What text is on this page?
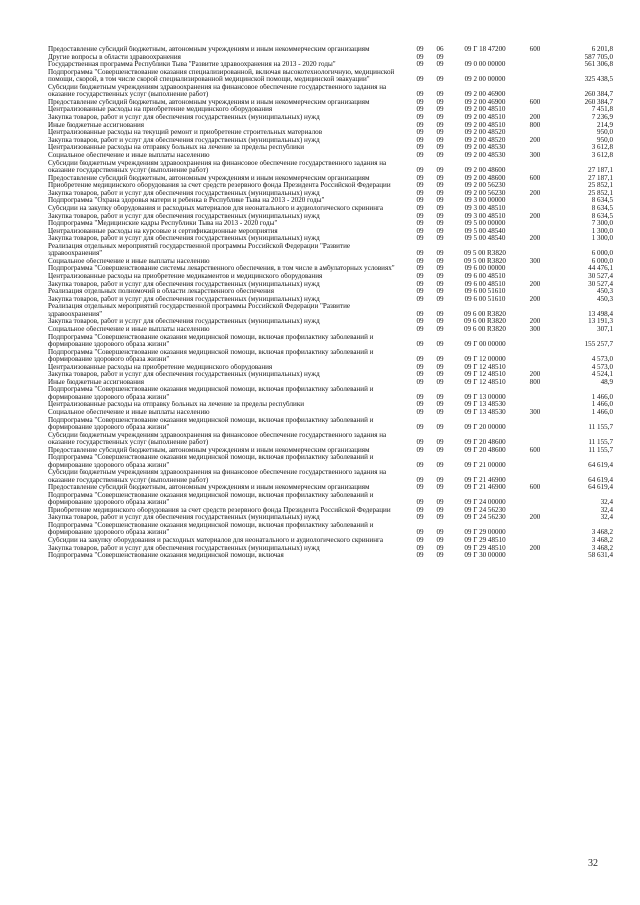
Предоставление субсидий бюджетным, автономным учреждениям и иным некоммерческим организациям	09	06	09 Г 18 47200	600	6 201,8
Другие вопросы в области здравоохранения	09	09			587 705,0
Государственная программа Республики Тыва "Развитие здравоохранения на 2013 - 2020 годы"	09	09	09 0 00 00000		561 306,8
Подпрограмма "Совершенствование оказания специализированной, включая высокотехнологичную, медицинской помощи, скорой, в том числе скорой специализированной медицинской помощи, медицинской эвакуации"	09	09	09 2 00 00000		325 438,5
Субсидии бюджетным учреждениям здравоохранения на финансовое обеспечение государственного задания на оказание государственных услуг (выполнение работ)	09	09	09 2 00 46900		260 384,7
Предоставление субсидий бюджетным, автономным учреждениям и иным некоммерческим организациям	09	09	09 2 00 46900	600	260 384,7
Централизованные расходы на приобретение медицинского оборудования	09	09	09 2 00 48510		7 451,8
Закупка товаров, работ и услуг для обеспечения государственных (муниципальных) нужд	09	09	09 2 00 48510	200	7 236,9
Иные бюджетные ассигнования	09	09	09 2 00 48510	800	214,9
Централизованные расходы на текущий ремонт и приобретение строительных материалов	09	09	09 2 00 48520		950,0
Закупка товаров, работ и услуг для обеспечения государственных (муниципальных) нужд	09	09	09 2 00 48520	200	950,0
Централизованные расходы на отправку больных на лечение за пределы республики	09	09	09 2 00 48530		3 612,8
Социальное обеспечение и иные выплаты населению	09	09	09 2 00 48530	300	3 612,8
Субсидии бюджетным учреждениям здравоохранения на финансовое обеспечение государственного задания на оказание государственных услуг (выполнение работ)	09	09	09 2 00 48600		27 187,1
Предоставление субсидий бюджетным, автономным учреждениям и иным некоммерческим организациям	09	09	09 2 00 48600	600	27 187,1
Приобретение медицинского оборудования за счет средств резервного фонда Президента Российской Федерации	09	09	09 2 00 56230		25 852,1
Закупка товаров, работ и услуг для обеспечения государственных (муниципальных) нужд	09	09	09 2 00 56230	200	25 852,1
Подпрограмма "Охрана здоровья матери и ребенка в Республике Тыва на 2013 - 2020 годы"	09	09	09 3 00 00000		8 634,5
Субсидии на закупку оборудования и расходных материалов для неонатального и аудиологического скрининга	09	09	09 3 00 48510		8 634,5
Закупка товаров, работ и услуг для обеспечения государственных (муниципальных) нужд	09	09	09 3 00 48510	200	8 634,5
Подпрограмма "Медицинские кадры Республики Тыва на 2013 - 2020 годы"	09	09	09 5 00 00000		7 300,0
Централизованные расходы на курсовые и сертификационные мероприятия	09	09	09 5 00 48540		1 300,0
Закупка товаров, работ и услуг для обеспечения государственных (муниципальных) нужд	09	09	09 5 00 48540	200	1 300,0
Реализация отдельных мероприятий государственной программы Российской Федерации "Развитие здравоохранения"	09	09	09 5 00 R3820		6 000,0
Социальное обеспечение и иные выплаты населению	09	09	09 5 00 R3820	300	6 000,0
Подпрограмма "Совершенствование системы лекарственного обеспечения, в том числе в амбулаторных условиях"	09	09	09 6 00 00000		44 476,1
Централизованные расходы на приобретение медикаментов и медицинского оборудования	09	09	09 6 00 48510		30 527,4
Закупка товаров, работ и услуг для обеспечения государственных (муниципальных) нужд	09	09	09 6 00 48510	200	30 527,4
Реализация отдельных полномочий в области лекарственного обеспечения	09	09	09 6 00 51610		450,3
Закупка товаров, работ и услуг для обеспечения государственных (муниципальных) нужд	09	09	09 6 00 51610	200	450,3
Реализация отдельных мероприятий государственной программы Российской Федерации "Развитие здравоохранения"	09	09	09 6 00 R3820		13 498,4
Закупка товаров, работ и услуг для обеспечения государственных (муниципальных) нужд	09	09	09 6 00 R3820	200	13 191,3
Социальное обеспечение и иные выплаты населению	09	09	09 6 00 R3820	300	307,1
Подпрограмма "Совершенствование оказания медицинской помощи, включая профилактику заболеваний и формирование здорового образа жизни"	09	09	09 Г 00 00000		155 257,7
Подпрограмма "Совершенствование оказания медицинской помощи, включая профилактику заболеваний и формирование здорового образа жизни"	09	09	09 Г 12 00000		4 573,0
Централизованные расходы на приобретение медицинского оборудования	09	09	09 Г 12 48510		4 573,0
Закупка товаров, работ и услуг для обеспечения государственных (муниципальных) нужд	09	09	09 Г 12 48510	200	4 524,1
Иные бюджетные ассигнования	09	09	09 Г 12 48510	800	48,9
Подпрограмма "Совершенствование оказания медицинской помощи, включая профилактику заболеваний и формирование здорового образа жизни"	09	09	09 Г 13 00000		1 466,0
Централизованные расходы на отправку больных на лечение за пределы республики	09	09	09 Г 13 48530		1 466,0
Социальное обеспечение и иные выплаты населению	09	09	09 Г 13 48530	300	1 466,0
Подпрограмма "Совершенствование оказания медицинской помощи, включая профилактику заболеваний и формирование здорового образа жизни"	09	09	09 Г 20 00000		11 155,7
Субсидии бюджетным учреждениям здравоохранения на финансовое обеспечение государственного задания на оказание государственных услуг (выполнение работ)	09	09	09 Г 20 48600		11 155,7
Предоставление субсидий бюджетным, автономным учреждениям и иным некоммерческим организациям	09	09	09 Г 20 48600	600	11 155,7
Подпрограмма "Совершенствование оказания медицинской помощи, включая профилактику заболеваний и формирование здорового образа жизни"	09	09	09 Г 21 00000		64 619,4
Субсидии бюджетным учреждениям здравоохранения на финансовое обеспечение государственного задания на оказание государственных услуг (выполнение работ)	09	09	09 Г 21 46900		64 619,4
Предоставление субсидий бюджетным, автономным учреждениям и иным некоммерческим организациям	09	09	09 Г 21 46900	600	64 619,4
Подпрограмма "Совершенствование оказания медицинской помощи, включая профилактику заболеваний и формирование здорового образа жизни"	09	09	09 Г 24 00000		32,4
Приобретение медицинского оборудования за счет средств резервного фонда Президента Российской Федерации	09	09	09 Г 24 56230		32,4
Закупка товаров, работ и услуг для обеспечения государственных (муниципальных) нужд	09	09	09 Г 24 56230	200	32,4
Подпрограмма "Совершенствование оказания медицинской помощи, включая профилактику заболеваний и формирование здорового образа жизни"	09	09	09 Г 29 00000		3 468,2
Субсидии на закупку оборудования и расходных материалов для неонатального и аудиологического скрининга	09	09	09 Г 29 48510		3 468,2
Закупка товаров, работ и услуг для обеспечения государственных (муниципальных) нужд	09	09	09 Г 29 48510	200	3 468,2
Подпрограмма "Совершенствование оказания медицинской помощи, включая	09	09	09 Г 30 00000		58 631,4
32
